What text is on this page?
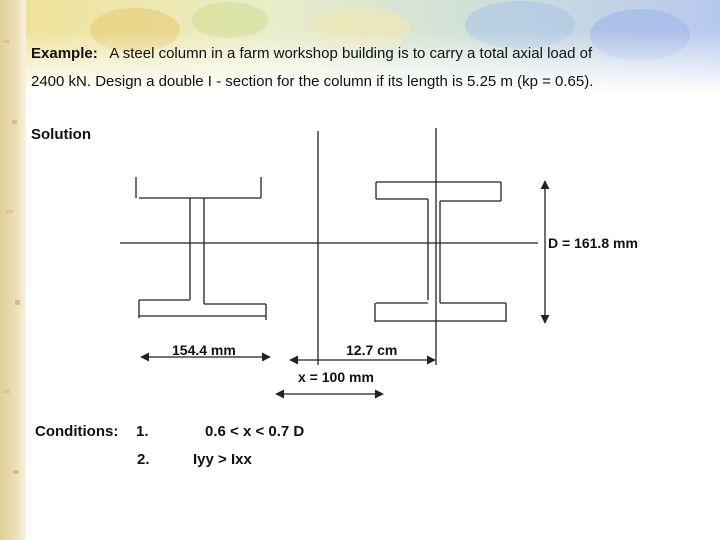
Example: A steel column in a farm workshop building is to carry a total axial load of

2400 kN. Design a double I - section for the column if its length is 5.25 m (kp = 0.65).

Solution

D = 161.8 mm

154.4 mm	12.7 cm

x = 100 mm

Conditions: 1.	0.6 < x < 0.7 D

2.	Iyy > Ixx
